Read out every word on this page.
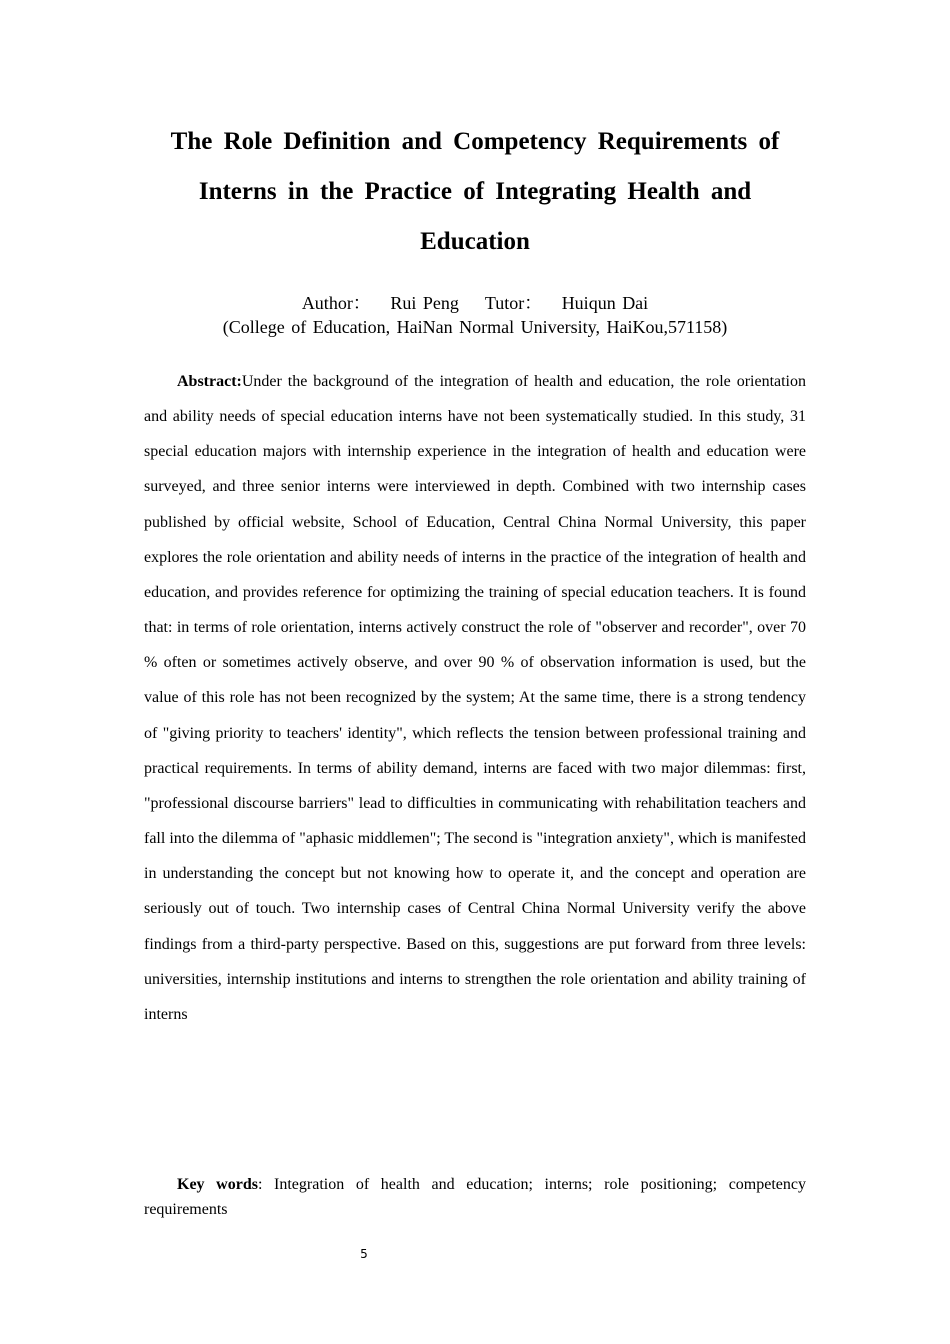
The Role Definition and Competency Requirements of
Interns in the Practice of Integrating Health and
Education
Author： Rui Peng Tutor： Huiqun Dai
(College of Education, HaiNan Normal University, HaiKou,571158)

Abstract:Under the background of the integration of health and education, the role orientation and ability needs of special education interns have not been systematically studied. In this study, 31 special education majors with internship experience in the integration of health and education were surveyed, and three senior interns were interviewed in depth. Combined with two internship cases published by official website, School of Education, Central China Normal University, this paper explores the role orientation and ability needs of interns in the practice of the integration of health and education, and provides reference for optimizing the training of special education teachers. It is found that: in terms of role orientation, interns actively construct the role of "observer and recorder", over 70 % often or sometimes actively observe, and over 90 % of observation information is used, but the value of this role has not been recognized by the system; At the same time, there is a strong tendency of "giving priority to teachers' identity", which reflects the tension between professional training and practical requirements. In terms of ability demand, interns are faced with two major dilemmas: first, "professional discourse barriers" lead to difficulties in communicating with rehabilitation teachers and fall into the dilemma of "aphasic middlemen"; The second is "integration anxiety", which is manifested in understanding the concept but not knowing how to operate it, and the concept and operation are seriously out of touch. Two internship cases of Central China Normal University verify the above findings from a third-party perspective. Based on this, suggestions are put forward from three levels: universities, internship institutions and interns to strengthen the role orientation and ability training of interns

Key words: Integration of health and education; interns; role positioning; competency requirements

5
